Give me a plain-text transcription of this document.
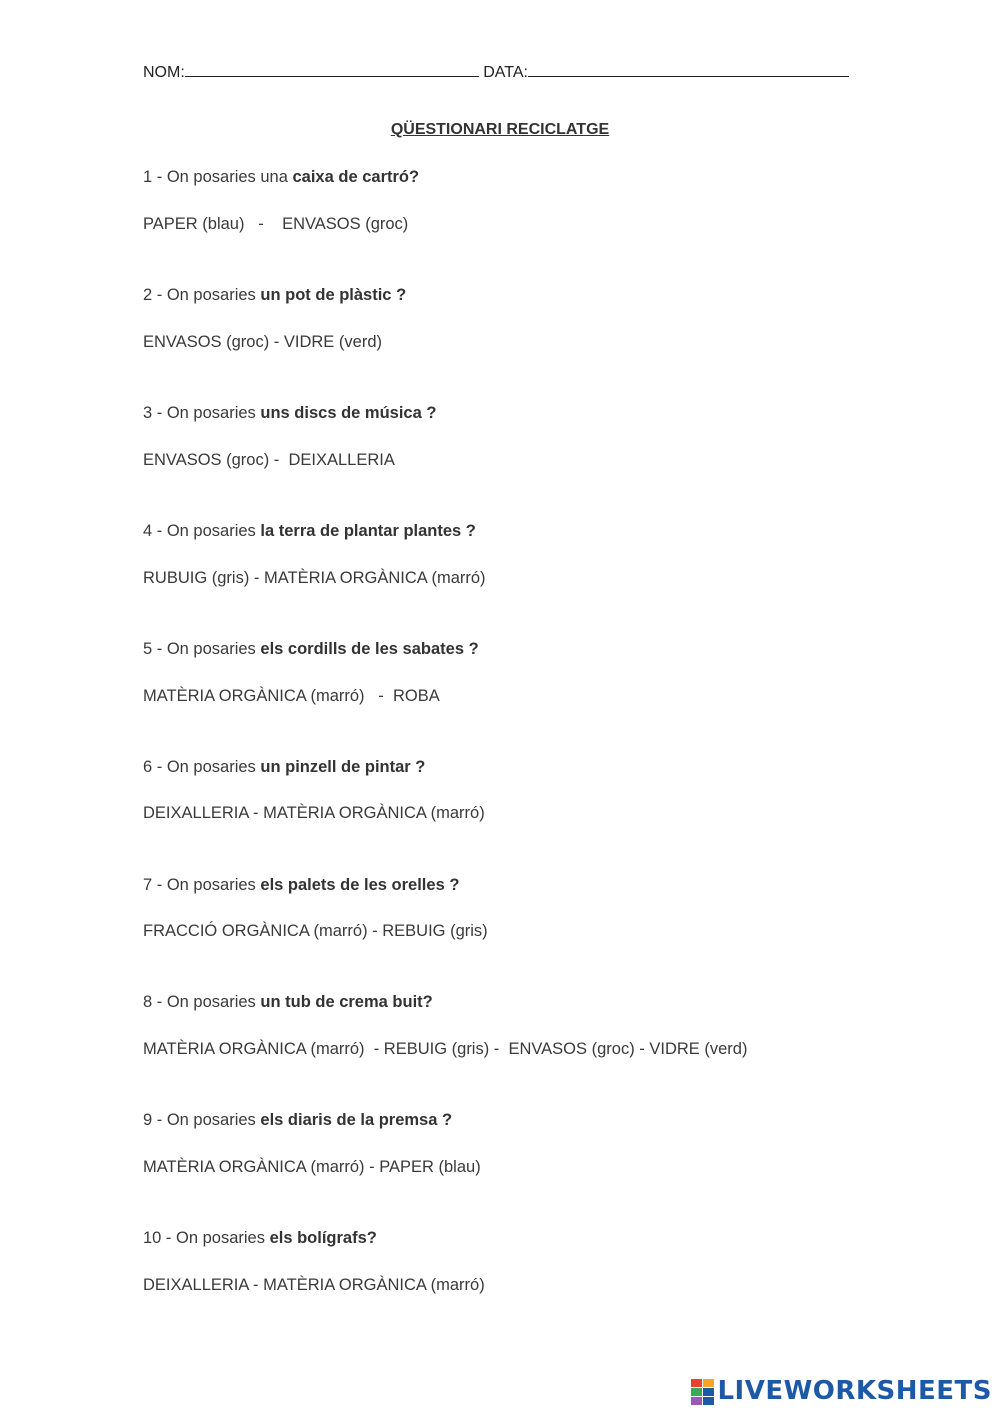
NOM:	DATA:
QÜESTIONARI RECICLATGE
1 - On posaries una caixa de cartró?
PAPER (blau)   -    ENVASOS (groc)
2 - On posaries un pot de plàstic ?
ENVASOS (groc) - VIDRE (verd)
3 - On posaries uns discs de música ?
ENVASOS (groc) -  DEIXALLERIA
4 - On posaries la terra de plantar plantes ?
RUBUIG (gris) - MATÈRIA ORGÀNICA (marró)
5 - On posaries els cordills de les sabates ?
MATÈRIA ORGÀNICA (marró)   -  ROBA
6 - On posaries un pinzell de pintar ?
DEIXALLERIA - MATÈRIA ORGÀNICA (marró)
7 - On posaries els palets de les orelles ?
FRACCIÓ ORGÀNICA (marró) - REBUIG (gris)
8 - On posaries un tub de crema buit?
MATÈRIA ORGÀNICA (marró)  - REBUIG (gris) -  ENVASOS (groc) - VIDRE (verd)
9 - On posaries els diaris de la premsa ?
MATÈRIA ORGÀNICA (marró) - PAPER (blau)
10 - On posaries els bolígrafs?
DEIXALLERIA - MATÈRIA ORGÀNICA (marró)
LIVEWORKSHEETS
